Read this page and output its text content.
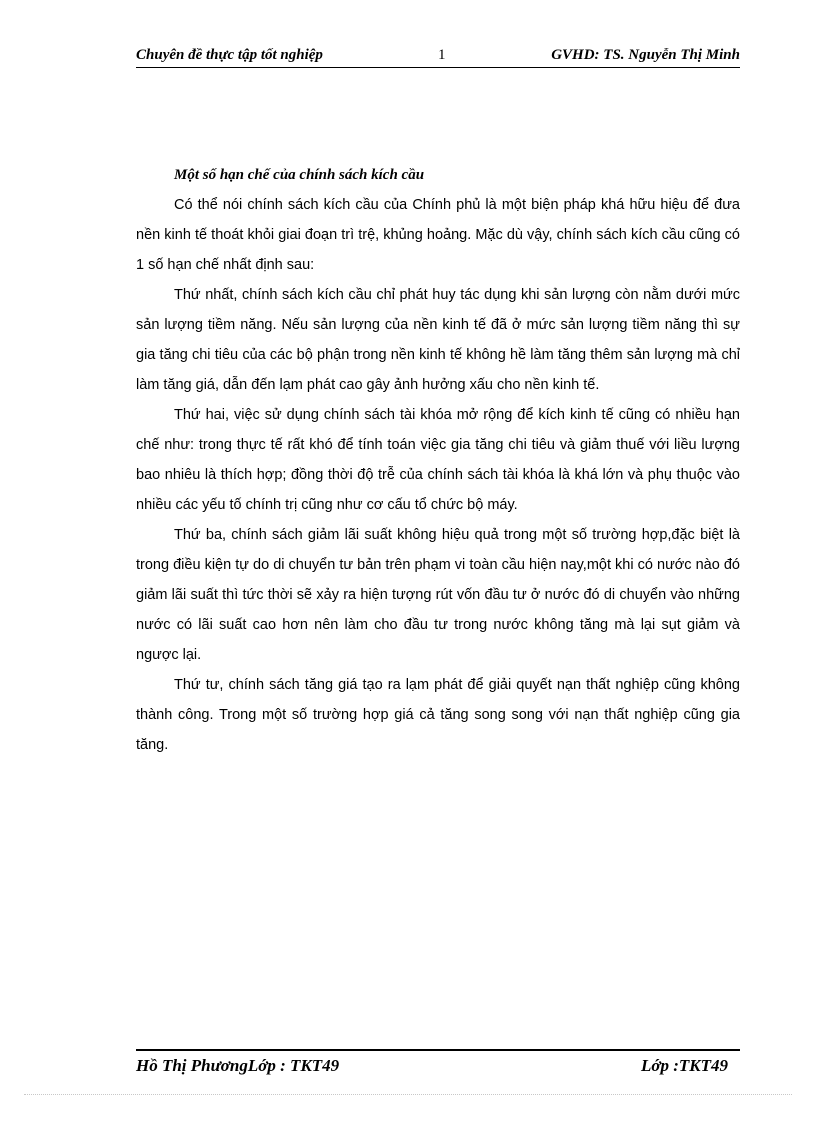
Chuyên đề thực tập tốt nghiệp	1	GVHD: TS. Nguyễn Thị Minh

Một số hạn chế của chính sách kích cầu

Có thể nói chính sách kích cầu của Chính phủ là một biện pháp khá hữu hiệu để đưa nền kinh tế thoát khỏi giai đoạn trì trệ, khủng hoảng. Mặc dù vậy, chính sách kích cầu cũng có 1 số hạn chế nhất định sau:

Thứ nhất, chính sách kích cầu chỉ phát huy tác dụng khi sản lượng còn nằm dưới mức sản lượng tiềm năng. Nếu sản lượng của nền kinh tế đã ở mức sản lượng tiềm năng thì sự gia tăng chi tiêu của các bộ phận trong nền kinh tế không hề làm tăng thêm sản lượng mà chỉ làm tăng giá, dẫn đến lạm phát cao gây ảnh hưởng xấu cho nền kinh tế.

Thứ hai, việc sử dụng chính sách tài khóa mở rộng để kích kinh tế cũng có nhiều hạn chế như: trong thực tế rất khó để tính toán việc gia tăng chi tiêu và giảm thuế với liều lượng bao nhiêu là thích hợp; đồng thời độ trễ của chính sách tài khóa là khá lớn và phụ thuộc vào nhiều các yếu tố chính trị cũng như cơ cấu tổ chức bộ máy.

Thứ ba, chính sách giảm lãi suất không hiệu quả trong một số trường hợp,đặc biệt là trong điều kiện tự do di chuyển tư bản trên phạm vi toàn cầu hiện nay,một khi có nước nào đó giảm lãi suất thì tức thời sẽ xảy ra hiện tượng rút vốn đầu tư ở nước đó di chuyển vào những nước có lãi suất cao hơn nên làm cho đầu tư trong nước không tăng mà lại sụt giảm và ngược lại.

Thứ tư, chính sách tăng giá tạo ra lạm phát để giải quyết nạn thất nghiệp cũng không thành công. Trong một số trường hợp giá cả tăng song song với nạn thất nghiệp cũng gia tăng.

Hồ Thị PhươngLớp : TKT49	Lớp :TKT49
